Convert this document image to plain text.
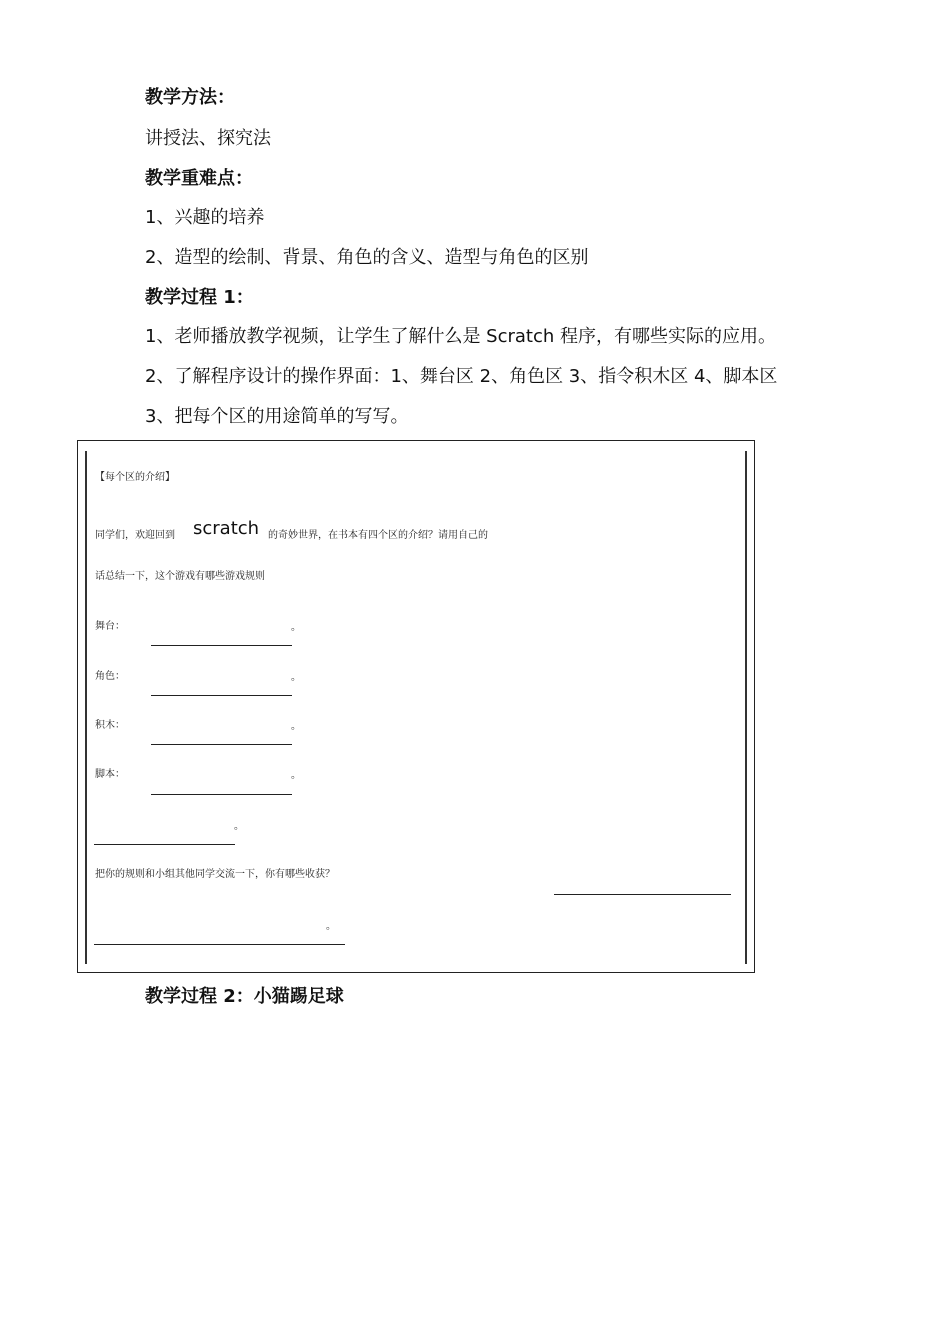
教学方法：
讲授法、探究法
教学重难点：
1、兴趣的培养
2、造型的绘制、背景、角色的含义、造型与角色的区别
教学过程 1：
1、老师播放教学视频，让学生了解什么是 Scratch 程序，有哪些实际的应用。
2、了解程序设计的操作界面：1、舞台区 2、角色区 3、指令积木区 4、脚本区
3、把每个区的用途简单的写写。
【每个区的介绍】
同学们，欢迎回到 scratch 的奇妙世界，在书本有四个区的介绍？请用自己的
话总结一下，这个游戏有哪些游戏规则
舞台：	。
角色：	。
积木：	。
脚本：	。
。
把你的规则和小组其他同学交流一下，你有哪些收获？
。
教学过程 2：小猫踢足球
